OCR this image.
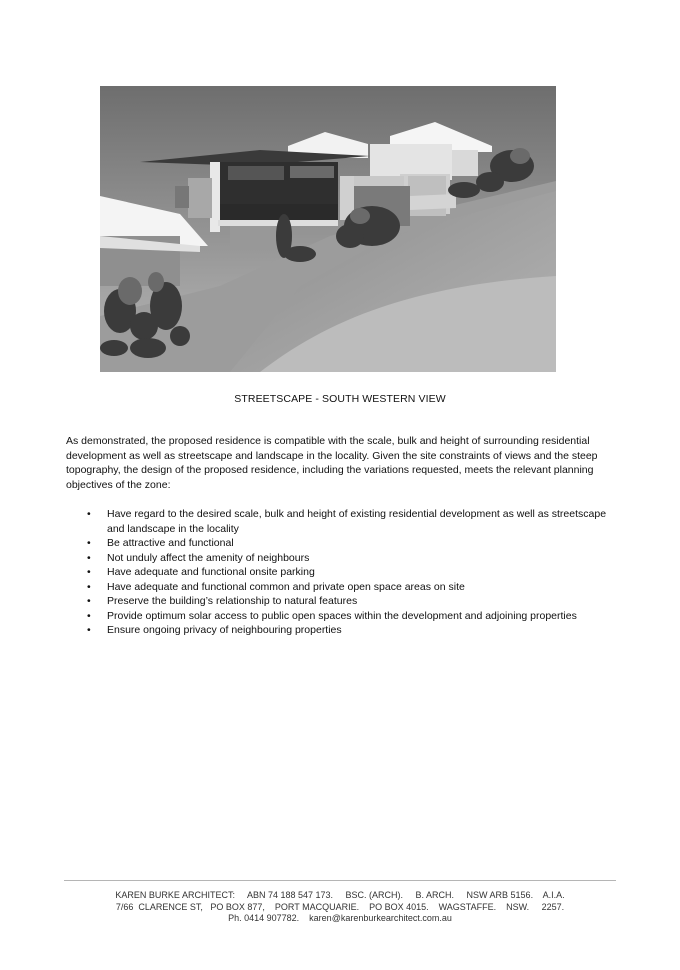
STREETSCAPE - SOUTH WESTERN VIEW

As demonstrated, the proposed residence is compatible with the scale, bulk and height of surrounding residential development as well as streetscape and landscape in the locality. Given the site constraints of views and the steep topography, the design of the proposed residence, including the variations requested, meets the relevant planning objectives of the zone:

• Have regard to the desired scale, bulk and height of existing residential development as well as streetscape and landscape in the locality
• Be attractive and functional
• Not unduly affect the amenity of neighbours
• Have adequate and functional onsite parking
• Have adequate and functional common and private open space areas on site
• Preserve the building’s relationship to natural features
• Provide optimum solar access to public open spaces within the development and adjoining properties
• Ensure ongoing privacy of neighbouring properties
KAREN BURKE ARCHITECT:     ABN 74 188 547 173.     BSC. (ARCH).     B. ARCH.     NSW ARB 5156.    A.I.A.
7/66  CLARENCE ST,   PO BOX 877,    PORT MACQUARIE.    PO BOX 4015.    WAGSTAFFE.    NSW.     2257.
Ph. 0414 907782.    karen@karenburkearchitect.com.au
